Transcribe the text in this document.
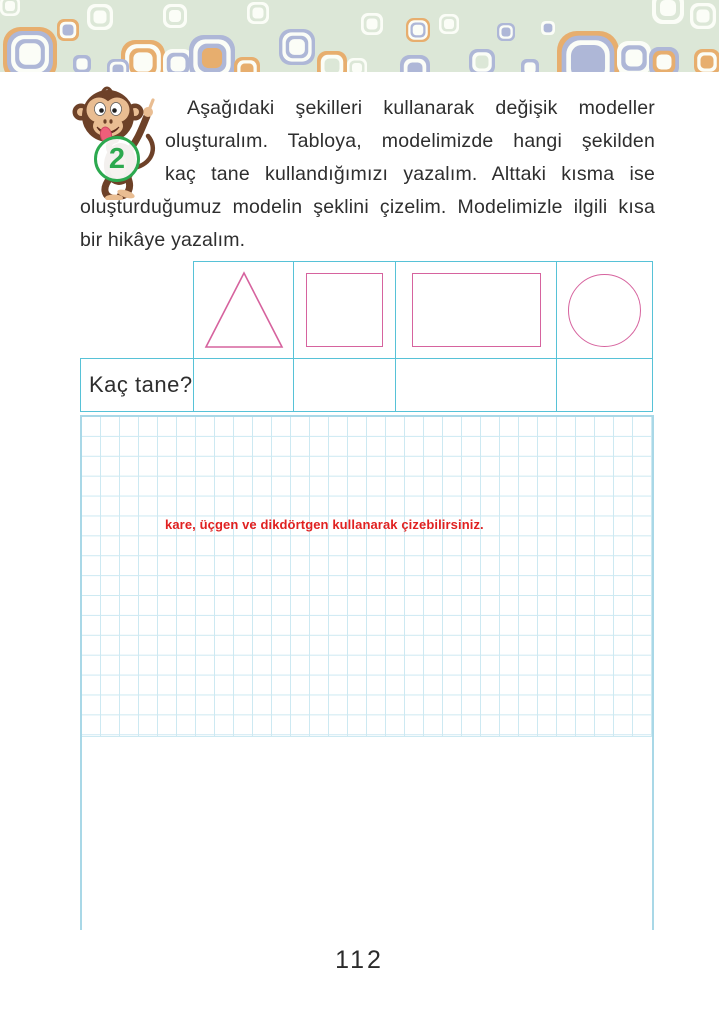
2
Aşağıdaki şekilleri kullanarak değişik modeller
oluşturalım. Tabloya, modelimizde hangi şekilden
kaç tane kullandığımızı yazalım. Alttaki kısma ise
oluşturduğumuz modelin şeklini çizelim. Modelimizle ilgili kısa
bir hikâye yazalım.
Kaç tane?
kare, üçgen ve dikdörtgen kullanarak çizebilirsiniz.
112
